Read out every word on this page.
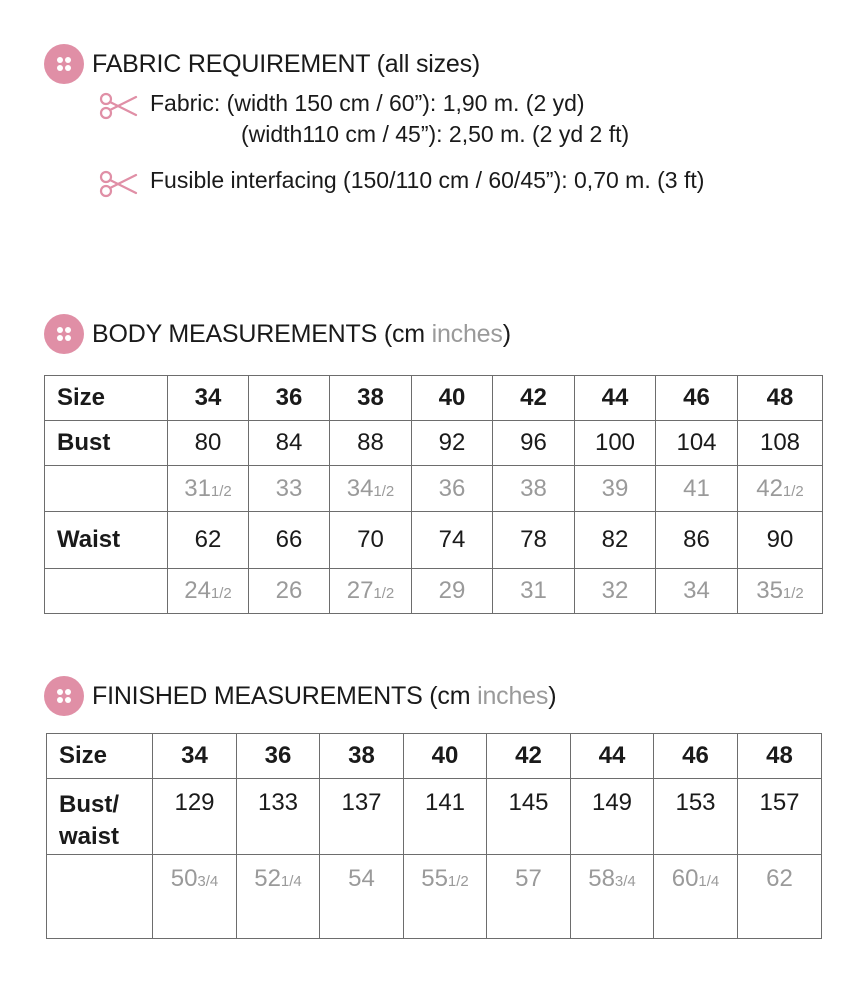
FABRIC REQUIREMENT (all sizes)
Fabric: (width 150 cm / 60”): 1,90 m. (2 yd)
(width110 cm / 45”): 2,50 m. (2 yd 2 ft)
Fusible interfacing (150/110 cm / 60/45”): 0,70 m. (3 ft)
BODY MEASUREMENTS (cm inches )
Size	34	36	38	40	42	44	46	48
Bust	80	84	88	92	96	100	104	108
	311/2	33	341/2	36	38	39	41	421/2
Waist	62	66	70	74	78	82	86	90
	241/2	26	271/2	29	31	32	34	351/2
FINISHED MEASUREMENTS (cm inches )
Size	34	36	38	40	42	44	46	48
Bust/
waist	129	133	137	141	145	149	153	157
	503/4	521/4	54	551/2	57	583/4	601/4	62
